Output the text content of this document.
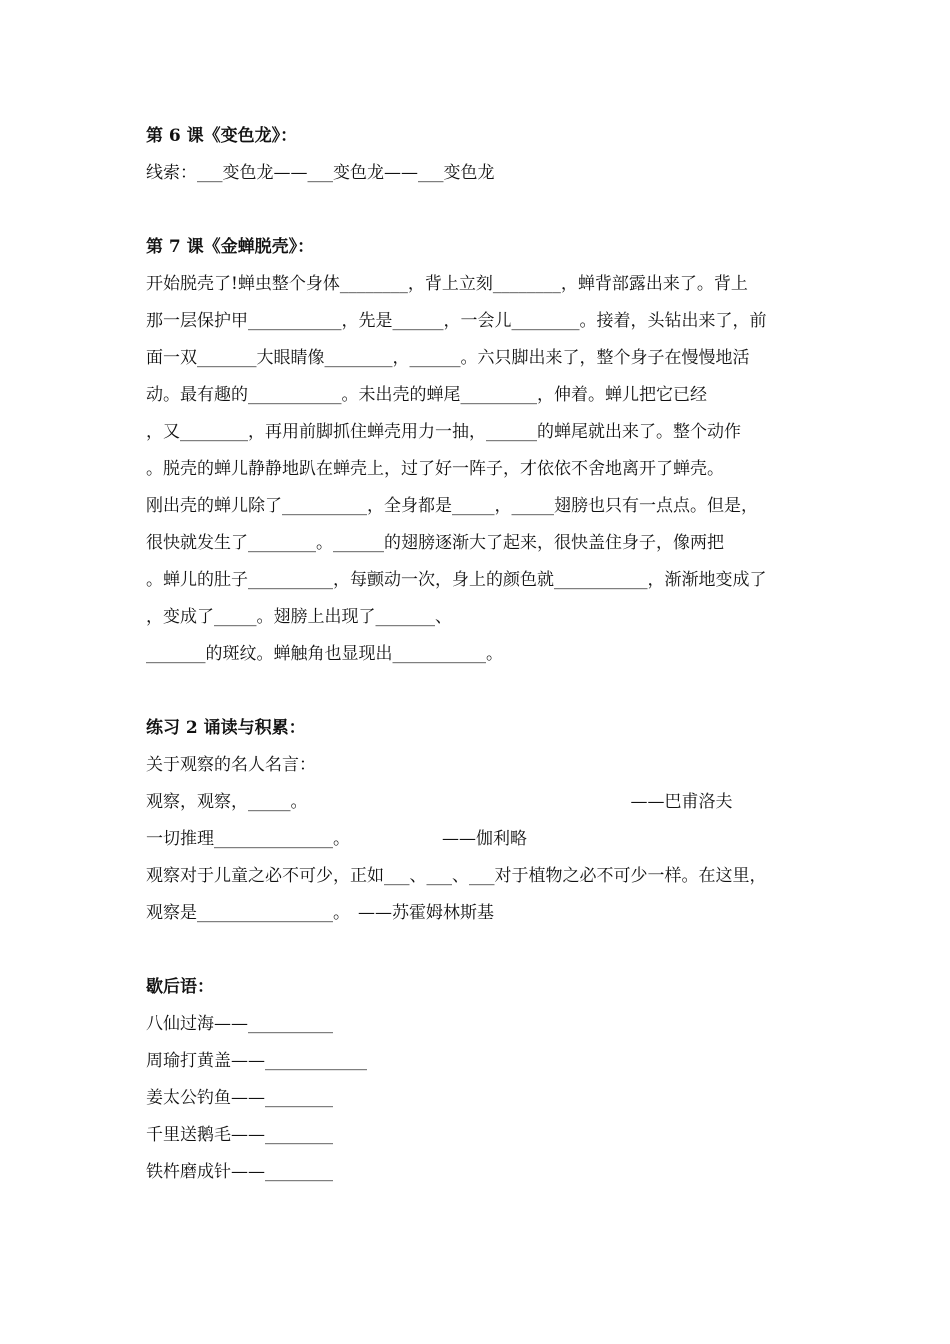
第 6 课《变色龙》：
线索：___变色龙——___变色龙——___变色龙
第 7 课《金蝉脱壳》：
开始脱壳了!蝉虫整个身体________，背上立刻________，蝉背部露出来了。背上
那一层保护甲___________，先是______，一会儿________。接着，头钻出来了，前
面一双_______大眼睛像________，______。六只脚出来了，整个身子在慢慢地活
动。最有趣的___________。未出壳的蝉尾_________，伸着。蝉儿把它已经
，又________，再用前脚抓住蝉壳用力一抽，______的蝉尾就出来了。整个动作
。脱壳的蝉儿静静地趴在蝉壳上，过了好一阵子，才依依不舍地离开了蝉壳。
刚出壳的蝉儿除了__________，全身都是_____，_____翅膀也只有一点点。但是，
很快就发生了________。______的翅膀逐渐大了起来，很快盖住身子，像两把
。蝉儿的肚子__________，每颤动一次，身上的颜色就___________，渐渐地变成了
，变成了_____。翅膀上出现了_______、
_______的斑纹。蝉触角也显现出___________。
练习 2 诵读与积累：
关于观察的名人名言：
观察，观察，_____。	——巴甫洛夫
一切推理______________。	——伽利略
观察对于儿童之必不可少，正如___、___、___对于植物之必不可少一样。在这里，
观察是________________。 ——苏霍姆林斯基
歇后语：
八仙过海——__________
周瑜打黄盖——____________
姜太公钓鱼——________
千里送鹅毛——________
铁杵磨成针——________
